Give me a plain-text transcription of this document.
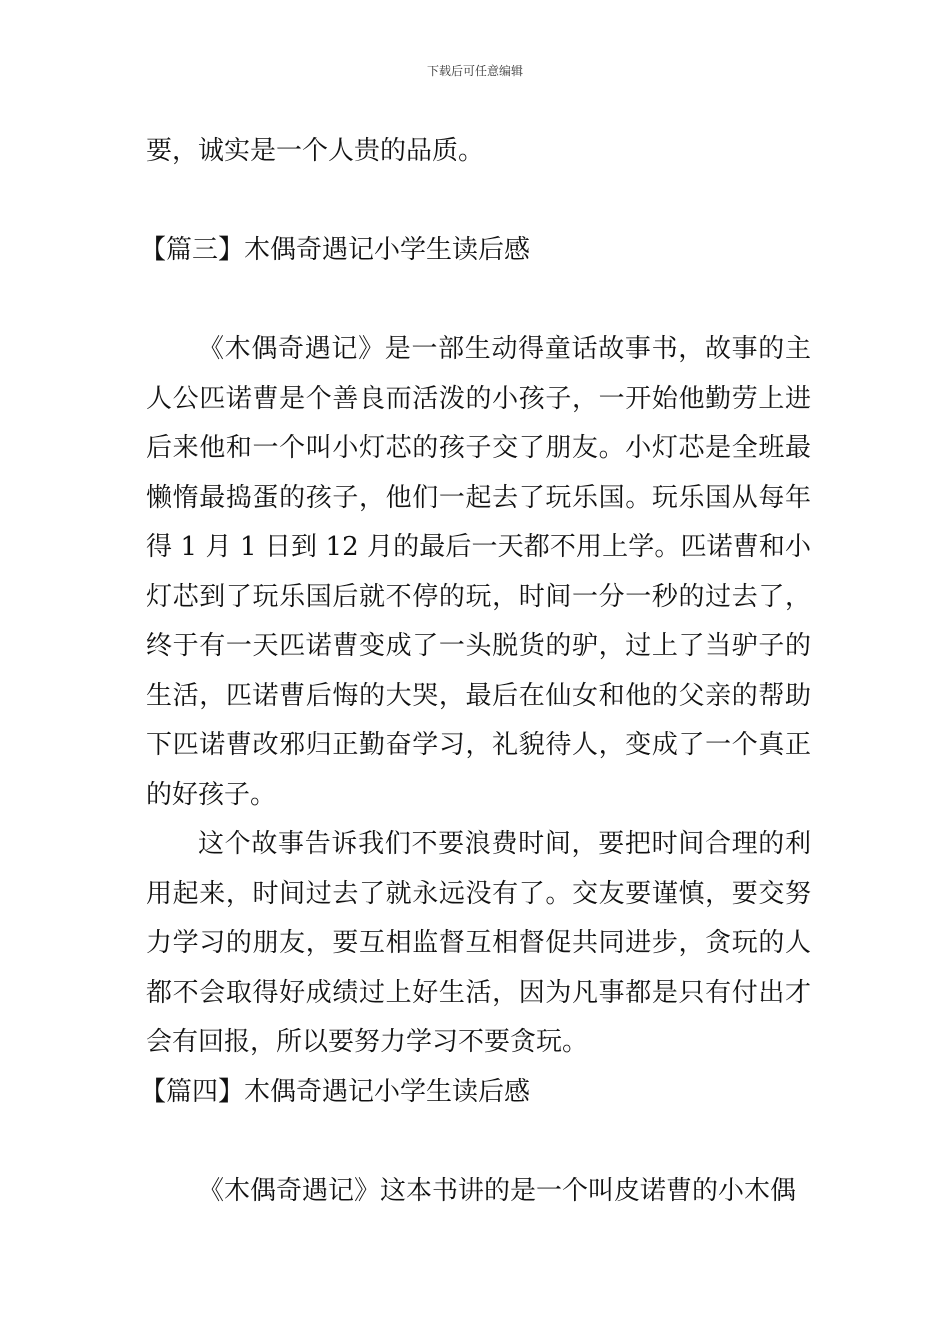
下载后可任意编辑

要，诚实是一个人贵的品质。

【篇三】木偶奇遇记小学生读后感

《木偶奇遇记》是一部生动得童话故事书，故事的主人公匹诺曹是个善良而活泼的小孩子，一开始他勤劳上进后来他和一个叫小灯芯的孩子交了朋友。小灯芯是全班最懒惰最捣蛋的孩子，他们一起去了玩乐国。玩乐国从每年得 1 月 1 日到 12 月的最后一天都不用上学。匹诺曹和小灯芯到了玩乐国后就不停的玩，时间一分一秒的过去了，终于有一天匹诺曹变成了一头脱货的驴，过上了当驴子的生活，匹诺曹后悔的大哭，最后在仙女和他的父亲的帮助下匹诺曹改邪归正勤奋学习，礼貌待人，变成了一个真正的好孩子。

这个故事告诉我们不要浪费时间，要把时间合理的利用起来，时间过去了就永远没有了。交友要谨慎，要交努力学习的朋友，要互相监督互相督促共同进步，贪玩的人都不会取得好成绩过上好生活，因为凡事都是只有付出才会有回报，所以要努力学习不要贪玩。

【篇四】木偶奇遇记小学生读后感

《木偶奇遇记》这本书讲的是一个叫皮诺曹的小木偶
